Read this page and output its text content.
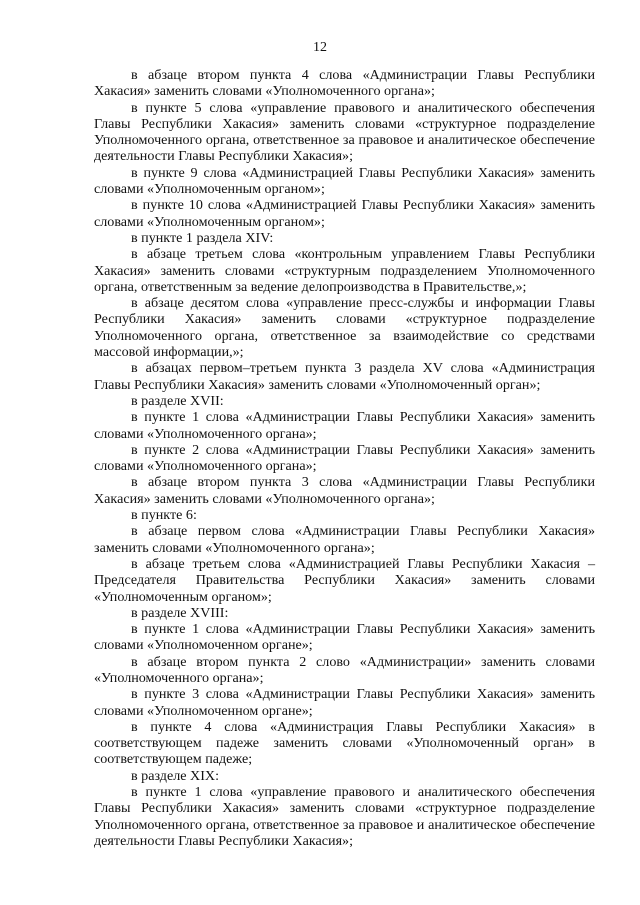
12

в абзаце втором пункта 4 слова «Администрации Главы Республики Хакасия» заменить словами «Уполномоченного органа»;

в пункте 5 слова «управление правового и аналитического обеспечения Главы Республики Хакасия» заменить словами «структурное подразделение Уполномоченного органа, ответственное за правовое и аналитическое обеспечение деятельности Главы Республики Хакасия»;

в пункте 9 слова «Администрацией Главы Республики Хакасия» заменить словами «Уполномоченным органом»;

в пункте 10 слова «Администрацией Главы Республики Хакасия» заменить словами «Уполномоченным органом»;

в пункте 1 раздела XIV:

в абзаце третьем слова «контрольным управлением Главы Республики Хакасия» заменить словами «структурным подразделением Уполномоченного органа, ответственным за ведение делопроизводства в Правительстве,»;

в абзаце десятом слова «управление пресс-службы и информации Главы Республики Хакасия» заменить словами «структурное подразделение Уполномоченного органа, ответственное за взаимодействие со средствами массовой информации,»;

в абзацах первом–третьем пункта 3 раздела XV слова «Администрация Главы Республики Хакасия» заменить словами «Уполномоченный орган»;

в разделе XVII:

в пункте 1 слова «Администрации Главы Республики Хакасия» заменить словами «Уполномоченного органа»;

в пункте 2 слова «Администрации Главы Республики Хакасия» заменить словами «Уполномоченного органа»;

в абзаце втором пункта 3 слова «Администрации Главы Республики Хакасия» заменить словами «Уполномоченного органа»;

в пункте 6:

в абзаце первом слова «Администрации Главы Республики Хакасия» заменить словами «Уполномоченного органа»;

в абзаце третьем слова «Администрацией Главы Республики Хакасия – Председателя Правительства Республики Хакасия» заменить словами «Уполномоченным органом»;

в разделе XVIII:

в пункте 1 слова «Администрации Главы Республики Хакасия» заменить словами «Уполномоченном органе»;

в абзаце втором пункта 2 слово «Администрации» заменить словами «Уполномоченного органа»;

в пункте 3 слова «Администрации Главы Республики Хакасия» заменить словами «Уполномоченном органе»;

в пункте 4 слова «Администрация Главы Республики Хакасия» в соответствующем падеже заменить словами «Уполномоченный орган» в соответствующем падеже;

в разделе XIX:

в пункте 1 слова «управление правового и аналитического обеспечения Главы Республики Хакасия» заменить словами «структурное подразделение Уполномоченного органа, ответственное за правовое и аналитическое обеспечение деятельности Главы Республики Хакасия»;
